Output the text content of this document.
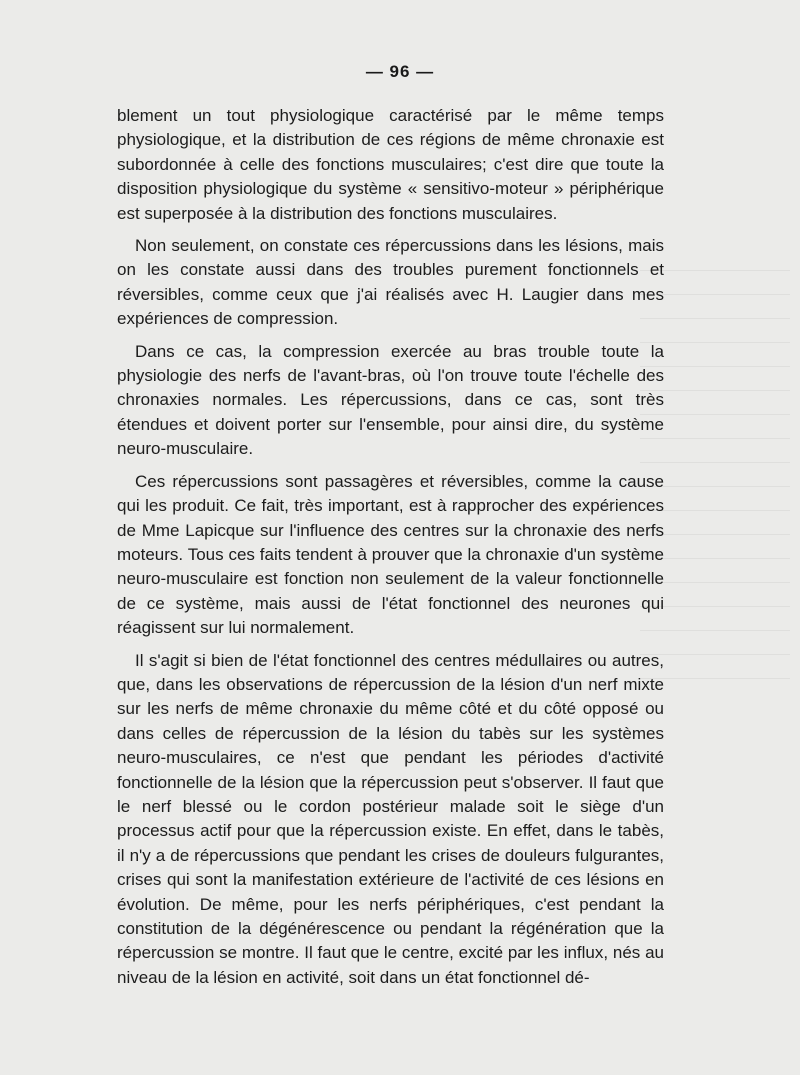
— 96 —

blement un tout physiologique caractérisé par le même temps physiologique, et la distribution de ces régions de même chronaxie est subordonnée à celle des fonctions musculaires; c'est dire que toute la disposition physiologique du système « sensitivo-moteur » périphérique est superposée à la distribution des fonctions musculaires.

Non seulement, on constate ces répercussions dans les lésions, mais on les constate aussi dans des troubles purement fonctionnels et réversibles, comme ceux que j'ai réalisés avec H. Laugier dans mes expériences de compression.

Dans ce cas, la compression exercée au bras trouble toute la physiologie des nerfs de l'avant-bras, où l'on trouve toute l'échelle des chronaxies normales. Les répercussions, dans ce cas, sont très étendues et doivent porter sur l'ensemble, pour ainsi dire, du système neuro-musculaire.

Ces répercussions sont passagères et réversibles, comme la cause qui les produit. Ce fait, très important, est à rapprocher des expériences de Mme Lapicque sur l'influence des centres sur la chronaxie des nerfs moteurs. Tous ces faits tendent à prouver que la chronaxie d'un système neuro-musculaire est fonction non seulement de la valeur fonctionnelle de ce système, mais aussi de l'état fonctionnel des neurones qui réagissent sur lui normalement.

Il s'agit si bien de l'état fonctionnel des centres médullaires ou autres, que, dans les observations de répercussion de la lésion d'un nerf mixte sur les nerfs de même chronaxie du même côté et du côté opposé ou dans celles de répercussion de la lésion du tabès sur les systèmes neuro-musculaires, ce n'est que pendant les périodes d'activité fonctionnelle de la lésion que la répercussion peut s'observer. Il faut que le nerf blessé ou le cordon postérieur malade soit le siège d'un processus actif pour que la répercussion existe. En effet, dans le tabès, il n'y a de répercussions que pendant les crises de douleurs fulgurantes, crises qui sont la manifestation extérieure de l'activité de ces lésions en évolution. De même, pour les nerfs périphériques, c'est pendant la constitution de la dégénérescence ou pendant la régénération que la répercussion se montre. Il faut que le centre, excité par les influx, nés au niveau de la lésion en activité, soit dans un état fonctionnel dé-
